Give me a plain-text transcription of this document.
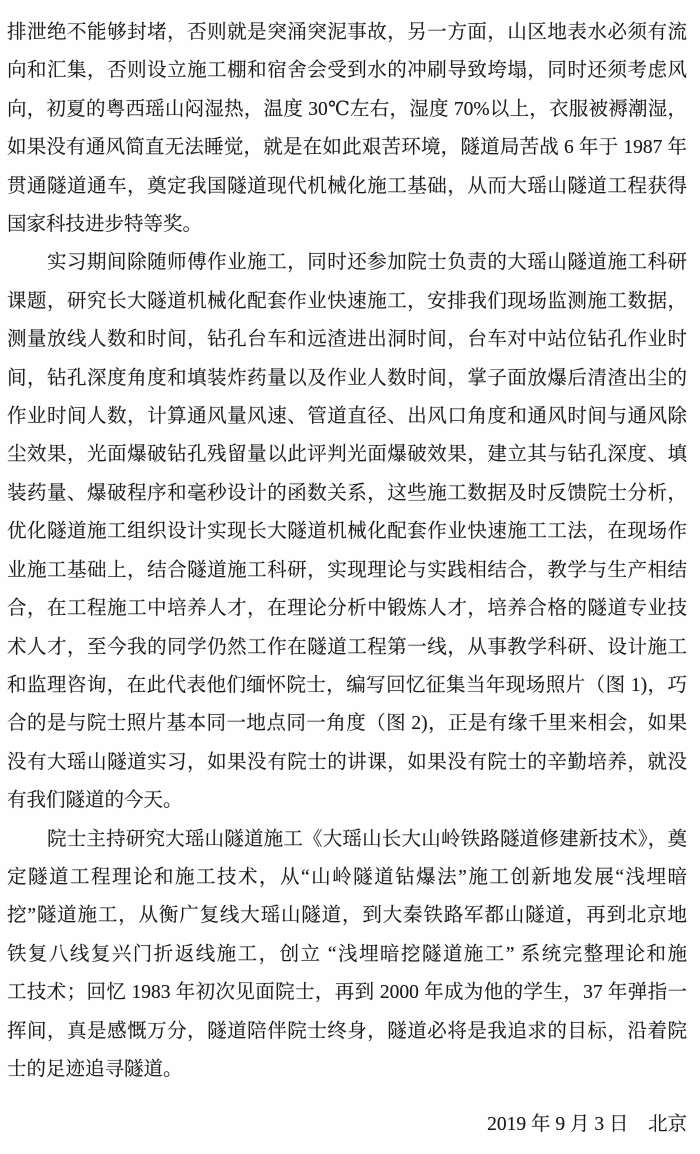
排泄绝不能够封堵，否则就是突涌突泥事故，另一方面，山区地表水必须有流
向和汇集，否则设立施工棚和宿舍会受到水的冲刷导致垮塌，同时还须考虑风
向，初夏的粤西瑶山闷湿热，温度 30℃左右，湿度 70%以上，衣服被褥潮湿，
如果没有通风简直无法睡觉，就是在如此艰苦环境，隧道局苦战 6 年于 1987 年
贯通隧道通车，奠定我国隧道现代机械化施工基础，从而大瑶山隧道工程获得
国家科技进步特等奖。
实习期间除随师傅作业施工，同时还参加院士负责的大瑶山隧道施工科研
课题，研究长大隧道机械化配套作业快速施工，安排我们现场监测施工数据，
测量放线人数和时间，钻孔台车和远渣进出洞时间，台车对中站位钻孔作业时
间，钻孔深度角度和填装炸药量以及作业人数时间，掌子面放爆后清渣出尘的
作业时间人数，计算通风量风速、管道直径、出风口角度和通风时间与通风除
尘效果，光面爆破钻孔残留量以此评判光面爆破效果，建立其与钻孔深度、填
装药量、爆破程序和毫秒设计的函数关系，这些施工数据及时反馈院士分析，
优化隧道施工组织设计实现长大隧道机械化配套作业快速施工工法，在现场作
业施工基础上，结合隧道施工科研，实现理论与实践相结合，教学与生产相结
合，在工程施工中培养人才，在理论分析中锻炼人才，培养合格的隧道专业技
术人才，至今我的同学仍然工作在隧道工程第一线，从事教学科研、设计施工
和监理咨询，在此代表他们缅怀院士，编写回忆征集当年现场照片（图 1)，巧
合的是与院士照片基本同一地点同一角度（图 2)，正是有缘千里来相会，如果
没有大瑶山隧道实习，如果没有院士的讲课，如果没有院士的辛勤培养，就没
有我们隧道的今天。
院士主持研究大瑶山隧道施工《大瑶山长大山岭铁路隧道修建新技术》，奠
定隧道工程理论和施工技术，从“山岭隧道钻爆法”施工创新地发展“浅埋暗
挖”隧道施工，从衡广复线大瑶山隧道，到大秦铁路军都山隧道，再到北京地
铁复八线复兴门折返线施工，创立 “浅埋暗挖隧道施工” 系统完整理论和施
工技术；回忆 1983 年初次见面院士，再到 2000 年成为他的学生，37 年弹指一
挥间，真是感慨万分，隧道陪伴院士终身，隧道必将是我追求的目标，沿着院
士的足迹追寻隧道。
2019 年 9 月 3 日　北京
